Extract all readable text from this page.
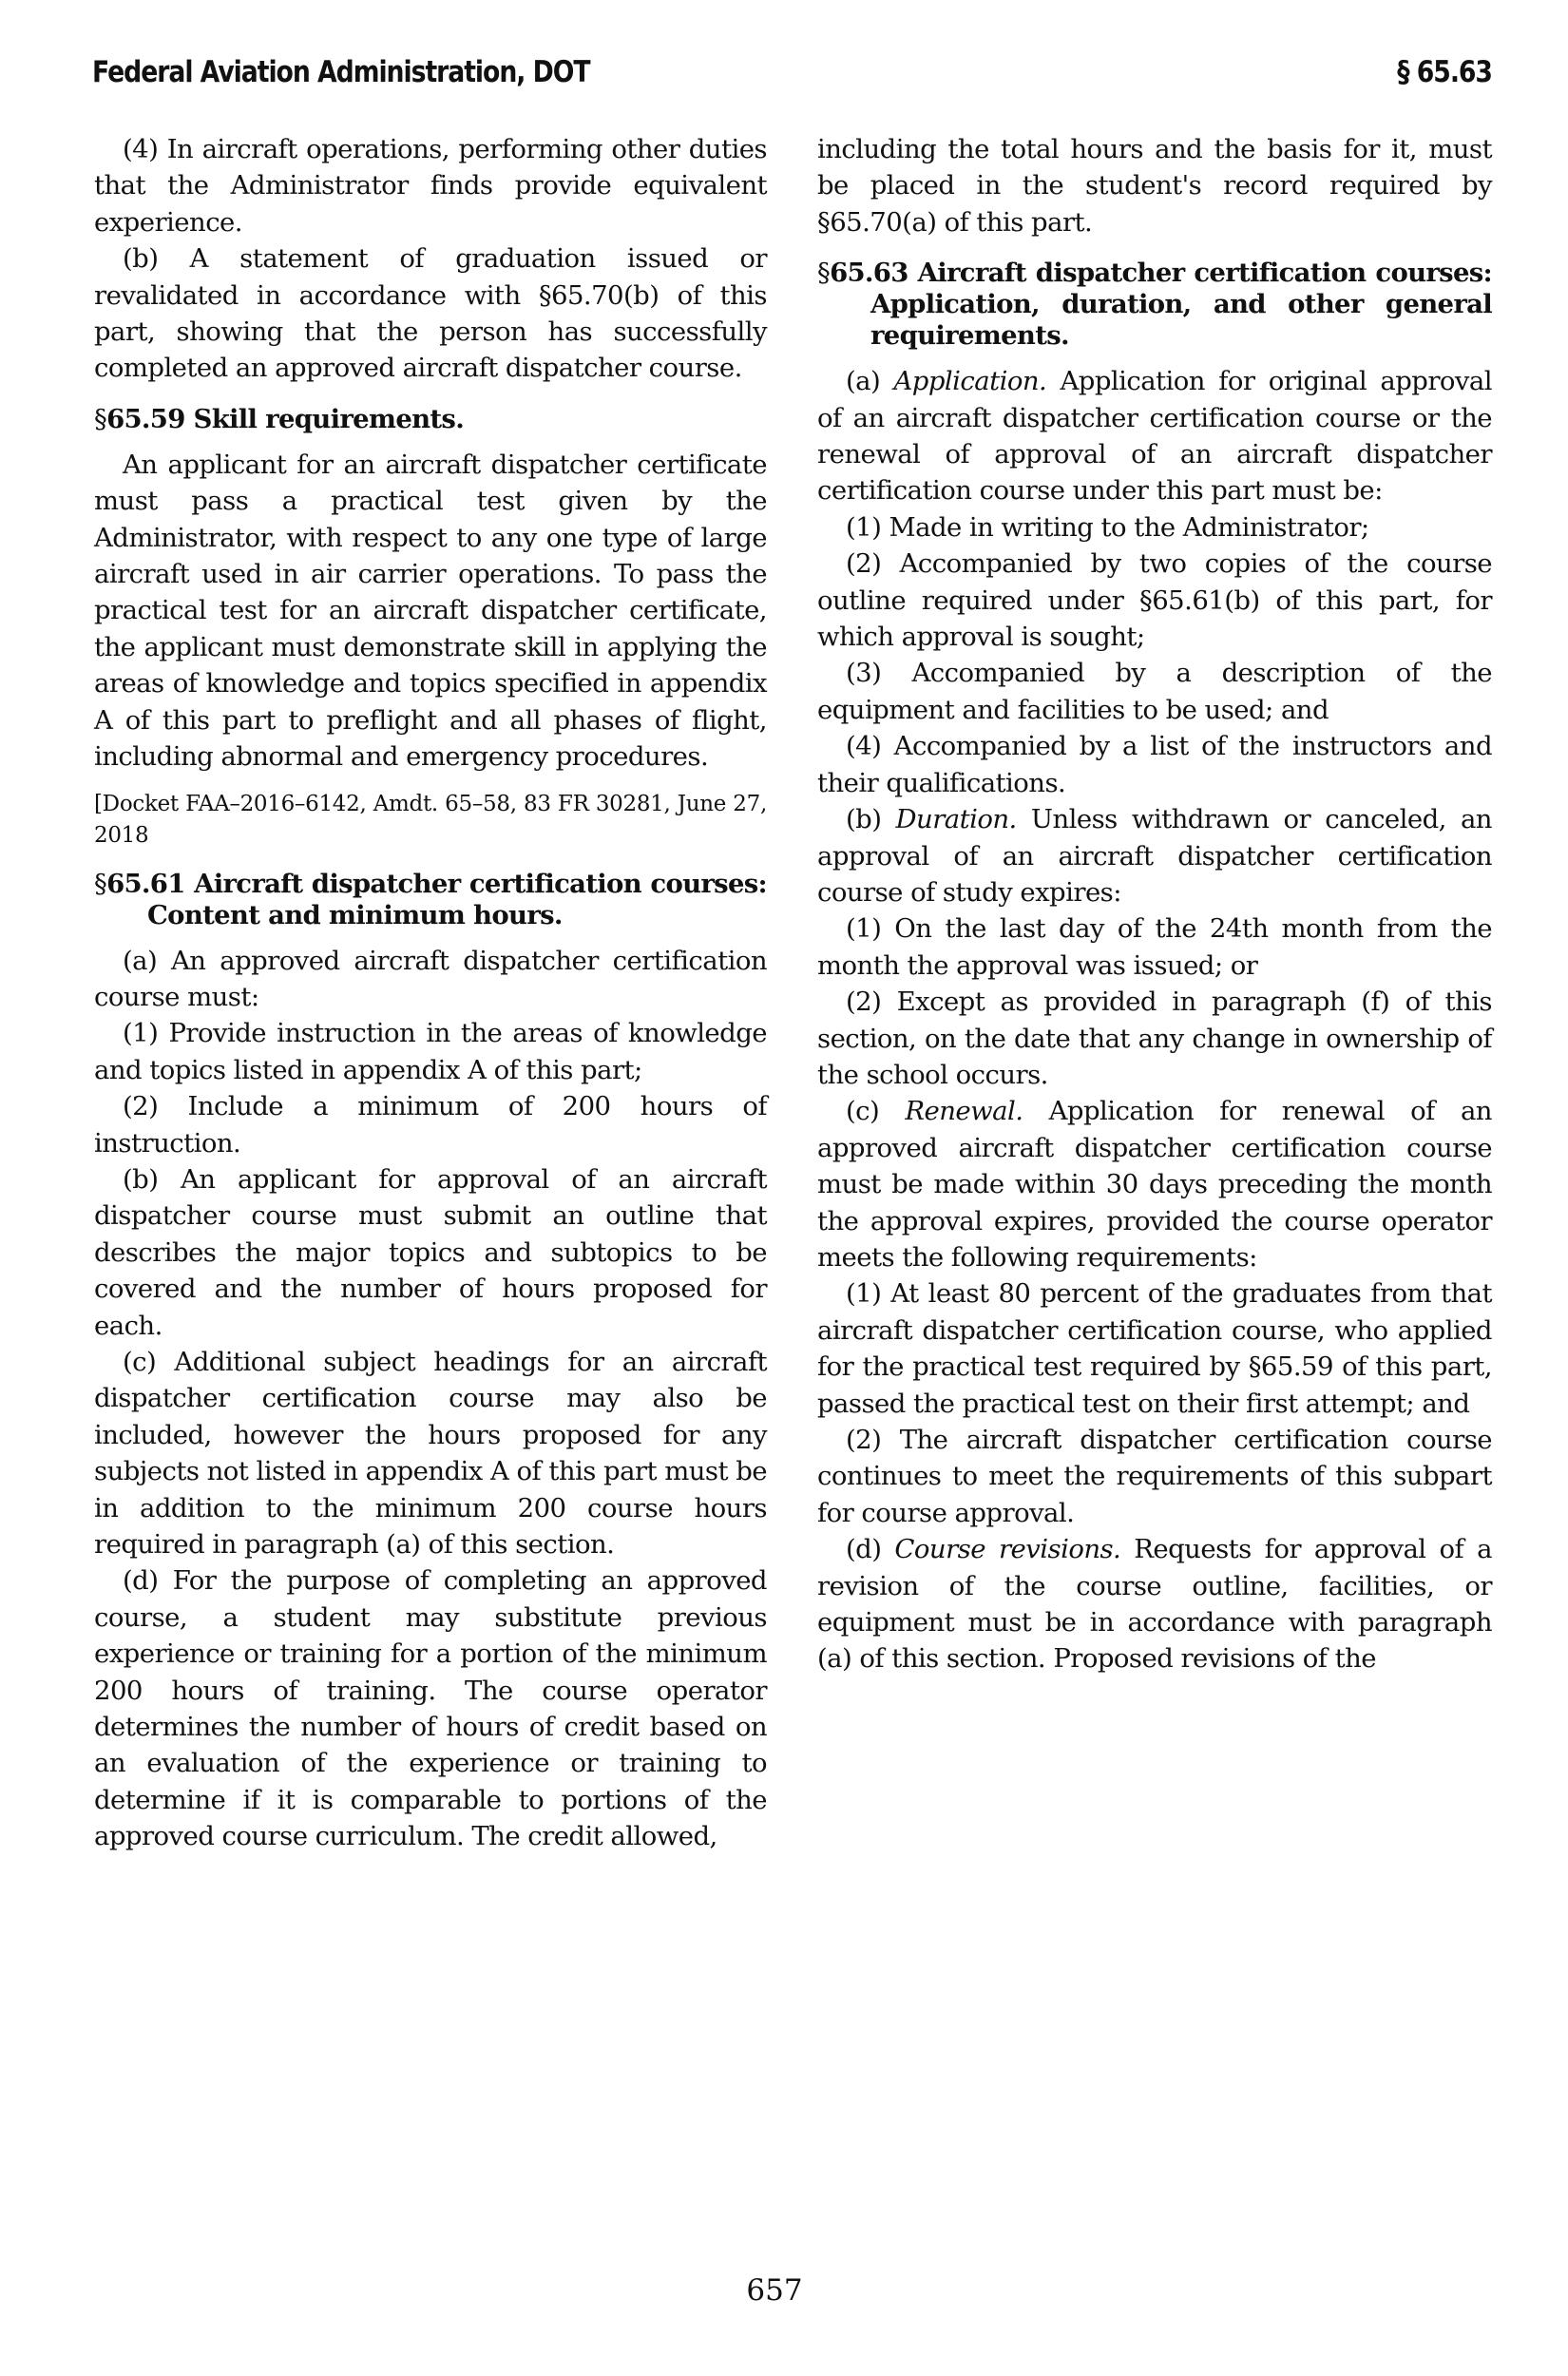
Federal Aviation Administration, DOT	§ 65.63

(4) In aircraft operations, performing other duties that the Administrator finds provide equivalent experience.

(b) A statement of graduation issued or revalidated in accordance with §65.70(b) of this part, showing that the person has successfully completed an approved aircraft dispatcher course.

§65.59 Skill requirements.

An applicant for an aircraft dispatcher certificate must pass a practical test given by the Administrator, with respect to any one type of large aircraft used in air carrier operations. To pass the practical test for an aircraft dispatcher certificate, the applicant must demonstrate skill in applying the areas of knowledge and topics specified in appendix A of this part to preflight and all phases of flight, including abnormal and emergency procedures.

[Docket FAA–2016–6142, Amdt. 65–58, 83 FR 30281, June 27, 2018

§65.61 Aircraft dispatcher certification courses: Content and minimum hours.

(a) An approved aircraft dispatcher certification course must:

(1) Provide instruction in the areas of knowledge and topics listed in appendix A of this part;

(2) Include a minimum of 200 hours of instruction.

(b) An applicant for approval of an aircraft dispatcher course must submit an outline that describes the major topics and subtopics to be covered and the number of hours proposed for each.

(c) Additional subject headings for an aircraft dispatcher certification course may also be included, however the hours proposed for any subjects not listed in appendix A of this part must be in addition to the minimum 200 course hours required in paragraph (a) of this section.

(d) For the purpose of completing an approved course, a student may substitute previous experience or training for a portion of the minimum 200 hours of training. The course operator determines the number of hours of credit based on an evaluation of the experience or training to determine if it is comparable to portions of the approved course curriculum. The credit allowed,

including the total hours and the basis for it, must be placed in the student's record required by §65.70(a) of this part.

§65.63 Aircraft dispatcher certification courses: Application, duration, and other general requirements.

(a) Application. Application for original approval of an aircraft dispatcher certification course or the renewal of approval of an aircraft dispatcher certification course under this part must be:

(1) Made in writing to the Administrator;

(2) Accompanied by two copies of the course outline required under §65.61(b) of this part, for which approval is sought;

(3) Accompanied by a description of the equipment and facilities to be used; and

(4) Accompanied by a list of the instructors and their qualifications.

(b) Duration. Unless withdrawn or canceled, an approval of an aircraft dispatcher certification course of study expires:

(1) On the last day of the 24th month from the month the approval was issued; or

(2) Except as provided in paragraph (f) of this section, on the date that any change in ownership of the school occurs.

(c) Renewal. Application for renewal of an approved aircraft dispatcher certification course must be made within 30 days preceding the month the approval expires, provided the course operator meets the following requirements:

(1) At least 80 percent of the graduates from that aircraft dispatcher certification course, who applied for the practical test required by §65.59 of this part, passed the practical test on their first attempt; and

(2) The aircraft dispatcher certification course continues to meet the requirements of this subpart for course approval.

(d) Course revisions. Requests for approval of a revision of the course outline, facilities, or equipment must be in accordance with paragraph (a) of this section. Proposed revisions of the

657
